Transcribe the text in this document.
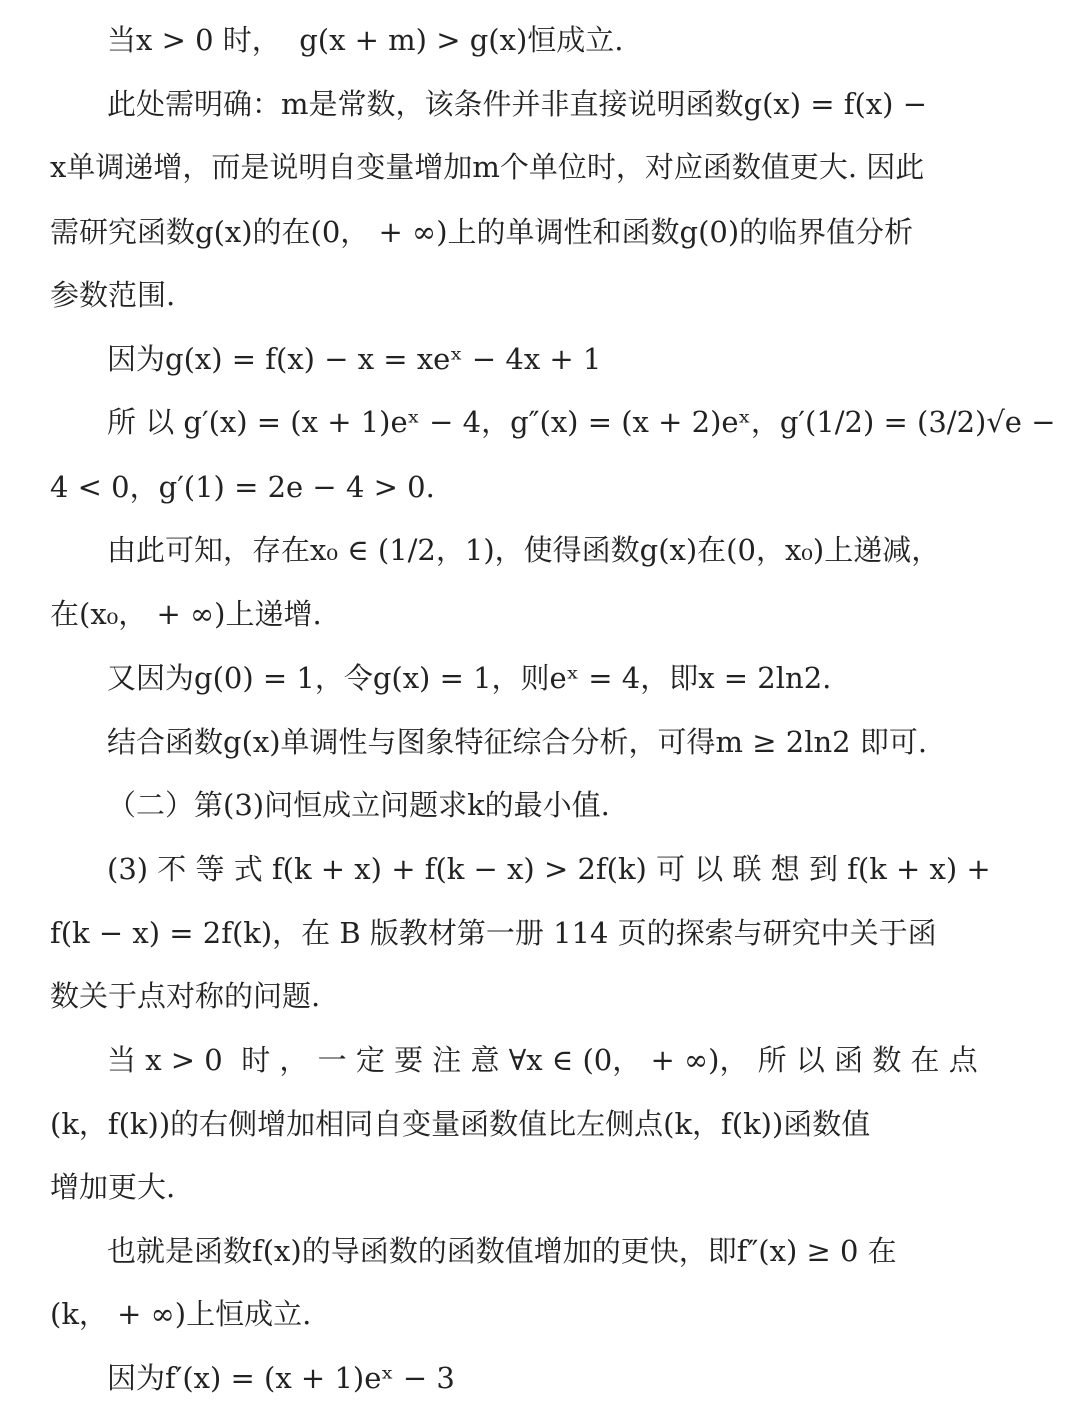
当x > 0 时，  g(x + m) > g(x)恒成立.
此处需明确：m是常数，该条件并非直接说明函数g(x) = f(x) −
x单调递增，而是说明自变量增加m个单位时，对应函数值更大. 因此
需研究函数g(x)的在(0， + ∞)上的单调性和函数g(0)的临界值分析
参数范围.
因为g(x) = f(x) − x = xeˣ − 4x + 1
所 以 g′(x) = (x + 1)eˣ − 4，g″(x) = (x + 2)eˣ，g′(1/2) = (3/2)√e −
4 < 0，g′(1) = 2e − 4 > 0.
由此可知，存在x₀ ∈ (1/2，1)，使得函数g(x)在(0，x₀)上递减，
在(x₀， + ∞)上递增.
又因为g(0) = 1，令g(x) = 1，则eˣ = 4，即x = 2ln2.
结合函数g(x)单调性与图象特征综合分析，可得m ≥ 2ln2 即可.
（二）第(3)问恒成立问题求k的最小值.
(3) 不 等 式 f(k + x) + f(k − x) > 2f(k) 可 以 联 想 到 f(k + x) +
f(k − x) = 2f(k)，在 B 版教材第一册 114 页的探索与研究中关于函
数关于点对称的问题.
当 x > 0  时 ， 一 定 要 注 意 ∀x ∈ (0， + ∞)， 所 以 函 数 在 点
(k，f(k))的右侧增加相同自变量函数值比左侧点(k，f(k))函数值
增加更大.
也就是函数f(x)的导函数的函数值增加的更快，即f″(x) ≥ 0 在
(k， + ∞)上恒成立.
因为f′(x) = (x + 1)eˣ − 3
